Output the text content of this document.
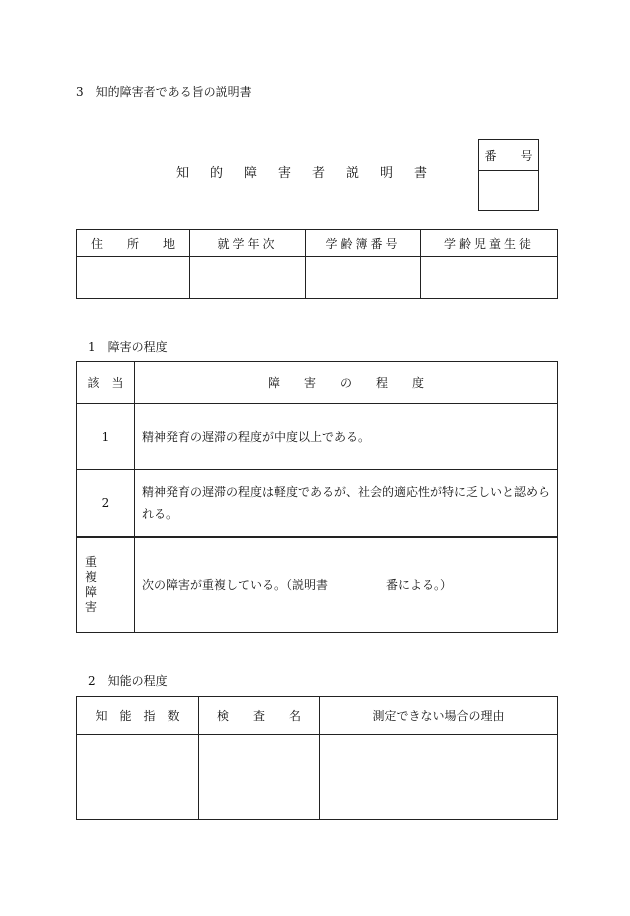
3　知的障害者である旨の説明書
知　的　障　害　者　説　明　書
番　　号

住　　所　　地	就学年次	学齢簿番号	学齢児童生徒

1　障害の程度
該　当	障　　害　　の　　程　　度
1	精神発育の遅滞の程度が中度以上である。
2	精神発育の遅滞の程度は軽度であるが、社会的適応性が特に乏しいと認められる。

重　　複
障　　害	次の障害が重複している。（説明書 番による。）
2　知能の程度
知　能　指　数	検　　査　　名	測定できない場合の理由
